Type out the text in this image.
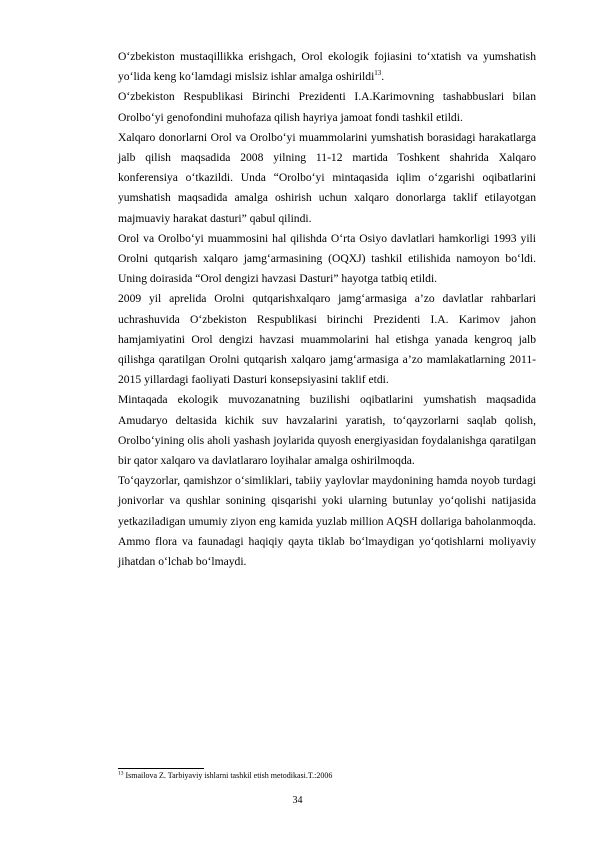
O‘zbekiston mustaqillikka erishgach, Orol ekologik fojiasini to‘xtatish va yumshatish yo‘lida keng ko‘lamdagi mislsiz ishlar amalga oshirildi$^{13}$.

O‘zbekiston Respublikasi Birinchi Prezidenti I.A.Karimovning tashabbuslari bilan Orolbo‘yi genofondini muhofaza qilish hayriya jamoat fondi tashkil etildi.

Xalqaro donorlarni Orol va Orolbo‘yi muammolarini yumshatish borasidagi harakatlarga jalb qilish maqsadida 2008 yilning 11-12 martida Toshkent shahrida Xalqaro konferensiya o‘tkazildi. Unda “Orolbo‘yi mintaqasida iqlim o‘zgarishi oqibatlarini yumshatish maqsadida amalga oshirish uchun xalqaro donorlarga taklif etilayotgan majmuaviy harakat dasturi” qabul qilindi.

Orol va Orolbo‘yi muammosini hal qilishda O‘rta Osiyo davlatlari hamkorligi 1993 yili Orolni qutqarish xalqaro jamg‘armasining (OQXJ) tashkil etilishida namoyon bo‘ldi. Uning doirasida “Orol dengizi havzasi Dasturi” hayotga tatbiq etildi.

2009 yil aprelida Orolni qutqarishxalqaro jamg‘armasiga a’zo davlatlar rahbarlari uchrashuvida O‘zbekiston Respublikasi birinchi Prezidenti I.A. Karimov jahon hamjamiyatini Orol dengizi havzasi muammolarini hal etishga yanada kengroq jalb qilishga qaratilgan Orolni qutqarish xalqaro jamg‘armasiga a’zo mamlakatlarning 2011-2015 yillardagi faoliyati Dasturi konsepsiyasini taklif etdi.

Mintaqada ekologik muvozanatning buzilishi oqibatlarini yumshatish maqsadida Amudaryo deltasida kichik suv havzalarini yaratish, to‘qayzorlarni saqlab qolish, Orolbo‘yining olis aholi yashash joylarida quyosh energiyasidan foydalanishga qaratilgan bir qator xalqaro va davlatlararo loyihalar amalga oshirilmoqda.

To‘qayzorlar, qamishzor o‘simliklari, tabiiy yaylovlar maydonining hamda noyob turdagi jonivorlar va qushlar sonining qisqarishi yoki ularning butunlay yo‘qolishi natijasida yetkaziladigan umumiy ziyon eng kamida yuzlab million AQSH dollariga baholanmoqda. Ammo flora va faunadagi haqiqiy qayta tiklab bo‘lmaydigan yo‘qotishlarni moliyaviy jihatdan o‘lchab bo‘lmaydi.

$^{13}$ Ismailova Z. Tarbiyaviy ishlarni tashkil etish metodikasi.T.:2006
34
